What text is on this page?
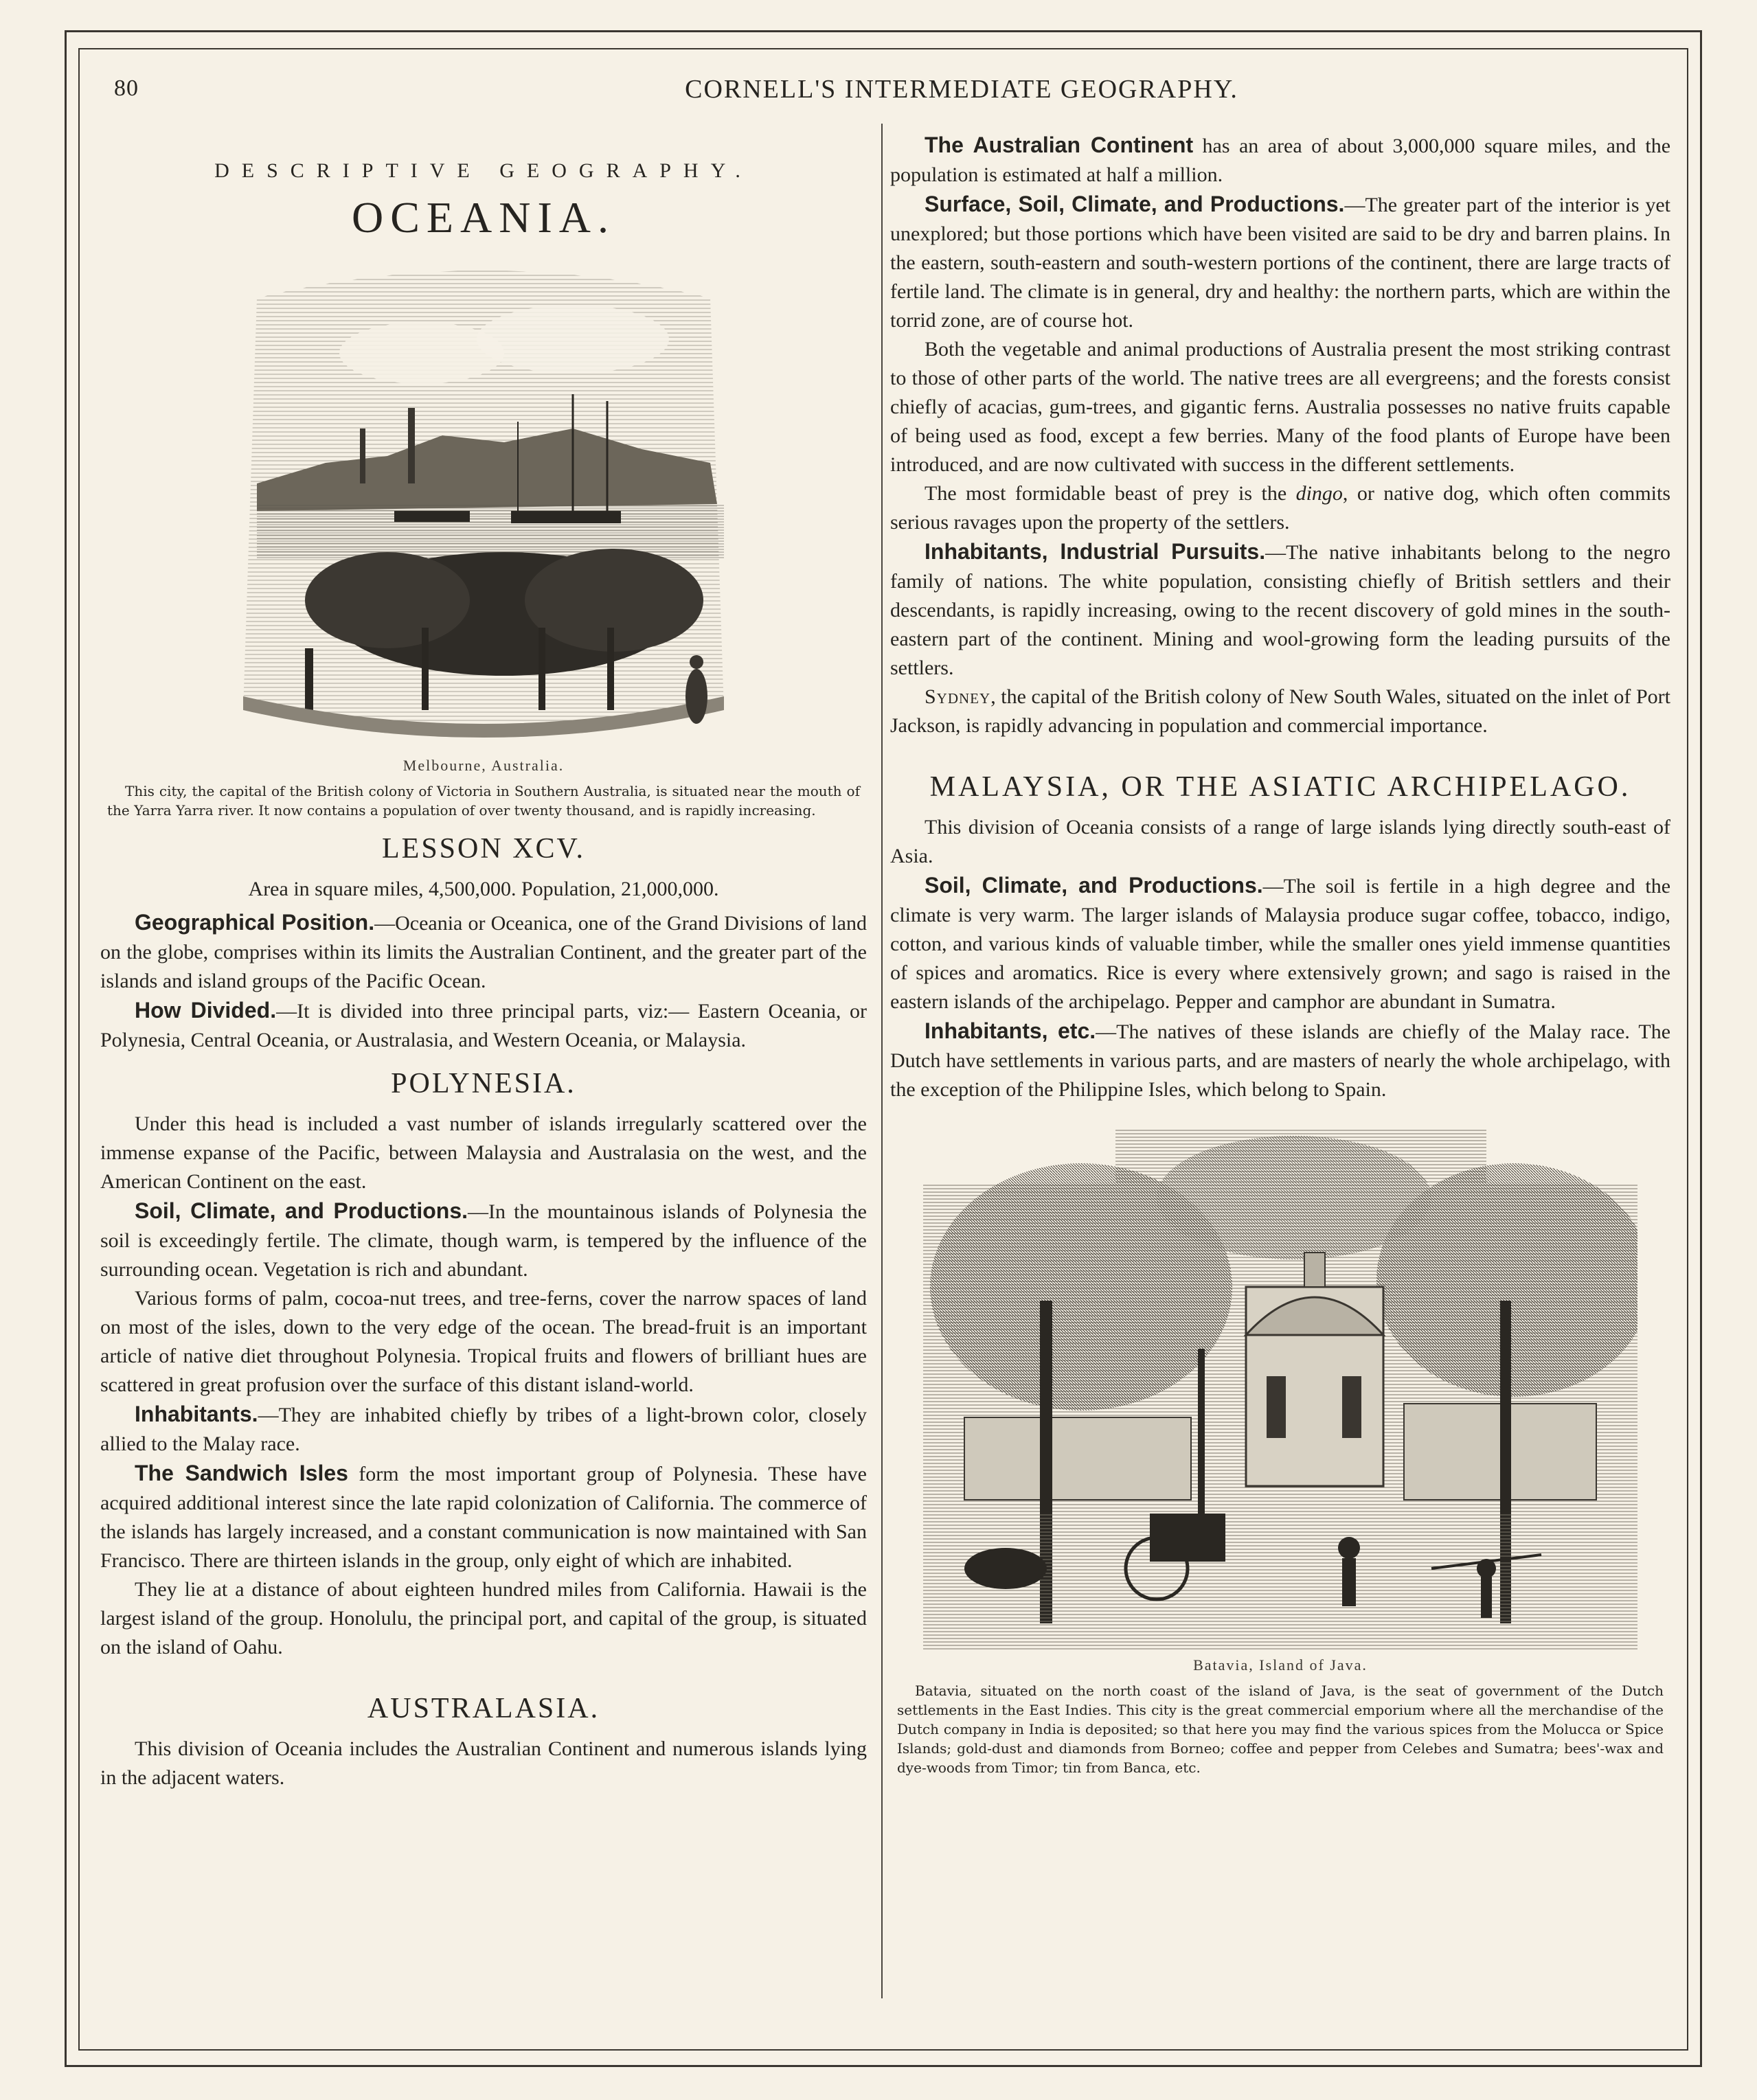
80	CORNELL'S INTERMEDIATE GEOGRAPHY.
DESCRIPTIVE GEOGRAPHY.
OCEANIA.
Melbourne, Australia.
This city, the capital of the British colony of Victoria in Southern Australia, is situated near the mouth of the Yarra Yarra river. It now contains a population of over twenty thousand, and is rapidly increasing.
LESSON XCV.
Area in square miles, 4,500,000. Population, 21,000,000.

Geographical Position.—Oceania or Oceanica, one of the Grand Divisions of land on the globe, comprises within its limits the Australian Continent, and the greater part of the islands and island groups of the Pacific Ocean.

How Divided.—It is divided into three principal parts, viz:— Eastern Oceania, or Polynesia, Central Oceania, or Australasia, and Western Oceania, or Malaysia.

POLYNESIA.

Under this head is included a vast number of islands irregularly scattered over the immense expanse of the Pacific, between Malaysia and Australasia on the west, and the American Continent on the east.

Soil, Climate, and Productions.—In the mountainous islands of Polynesia the soil is exceedingly fertile. The climate, though warm, is tempered by the influence of the surrounding ocean. Vegetation is rich and abundant.

Various forms of palm, cocoa-nut trees, and tree-ferns, cover the narrow spaces of land on most of the isles, down to the very edge of the ocean. The bread-fruit is an important article of native diet throughout Polynesia. Tropical fruits and flowers of brilliant hues are scattered in great profusion over the surface of this distant island-world.

Inhabitants.—They are inhabited chiefly by tribes of a light-brown color, closely allied to the Malay race.

The Sandwich Isles form the most important group of Polynesia. These have acquired additional interest since the late rapid colonization of California. The commerce of the islands has largely increased, and a constant communication is now maintained with San Francisco. There are thirteen islands in the group, only eight of which are inhabited.

They lie at a distance of about eighteen hundred miles from California. Hawaii is the largest island of the group. Honolulu, the principal port, and capital of the group, is situated on the island of Oahu.

AUSTRALASIA.

This division of Oceania includes the Australian Continent and numerous islands lying in the adjacent waters.

The Australian Continent has an area of about 3,000,000 square miles, and the population is estimated at half a million.

Surface, Soil, Climate, and Productions.—The greater part of the interior is yet unexplored; but those portions which have been visited are said to be dry and barren plains. In the eastern, south-eastern and south-western portions of the continent, there are large tracts of fertile land. The climate is in general, dry and healthy: the northern parts, which are within the torrid zone, are of course hot.

Both the vegetable and animal productions of Australia present the most striking contrast to those of other parts of the world. The native trees are all evergreens; and the forests consist chiefly of acacias, gum-trees, and gigantic ferns. Australia possesses no native fruits capable of being used as food, except a few berries. Many of the food plants of Europe have been introduced, and are now cultivated with success in the different settlements.

The most formidable beast of prey is the dingo, or native dog, which often commits serious ravages upon the property of the settlers.

Inhabitants, Industrial Pursuits.—The native inhabitants belong to the negro family of nations. The white population, consisting chiefly of British settlers and their descendants, is rapidly increasing, owing to the recent discovery of gold mines in the south-eastern part of the continent. Mining and wool-growing form the leading pursuits of the settlers.

Sydney, the capital of the British colony of New South Wales, situated on the inlet of Port Jackson, is rapidly advancing in population and commercial importance.

MALAYSIA, OR THE ASIATIC ARCHIPELAGO.

This division of Oceania consists of a range of large islands lying directly south-east of Asia.

Soil, Climate, and Productions.—The soil is fertile in a high degree and the climate is very warm. The larger islands of Malaysia produce sugar coffee, tobacco, indigo, cotton, and various kinds of valuable timber, while the smaller ones yield immense quantities of spices and aromatics. Rice is every where extensively grown; and sago is raised in the eastern islands of the archipelago. Pepper and camphor are abundant in Sumatra.

Inhabitants, etc.—The natives of these islands are chiefly of the Malay race. The Dutch have settlements in various parts, and are masters of nearly the whole archipelago, with the exception of the Philippine Isles, which belong to Spain.

Batavia, Island of Java.
Batavia, situated on the north coast of the island of Java, is the seat of government of the Dutch settlements in the East Indies. This city is the great commercial emporium where all the merchandise of the Dutch company in India is deposited; so that here you may find the various spices from the Molucca or Spice Islands; gold-dust and diamonds from Borneo; coffee and pepper from Celebes and Sumatra; bees'-wax and dye-woods from Timor; tin from Banca, etc.
